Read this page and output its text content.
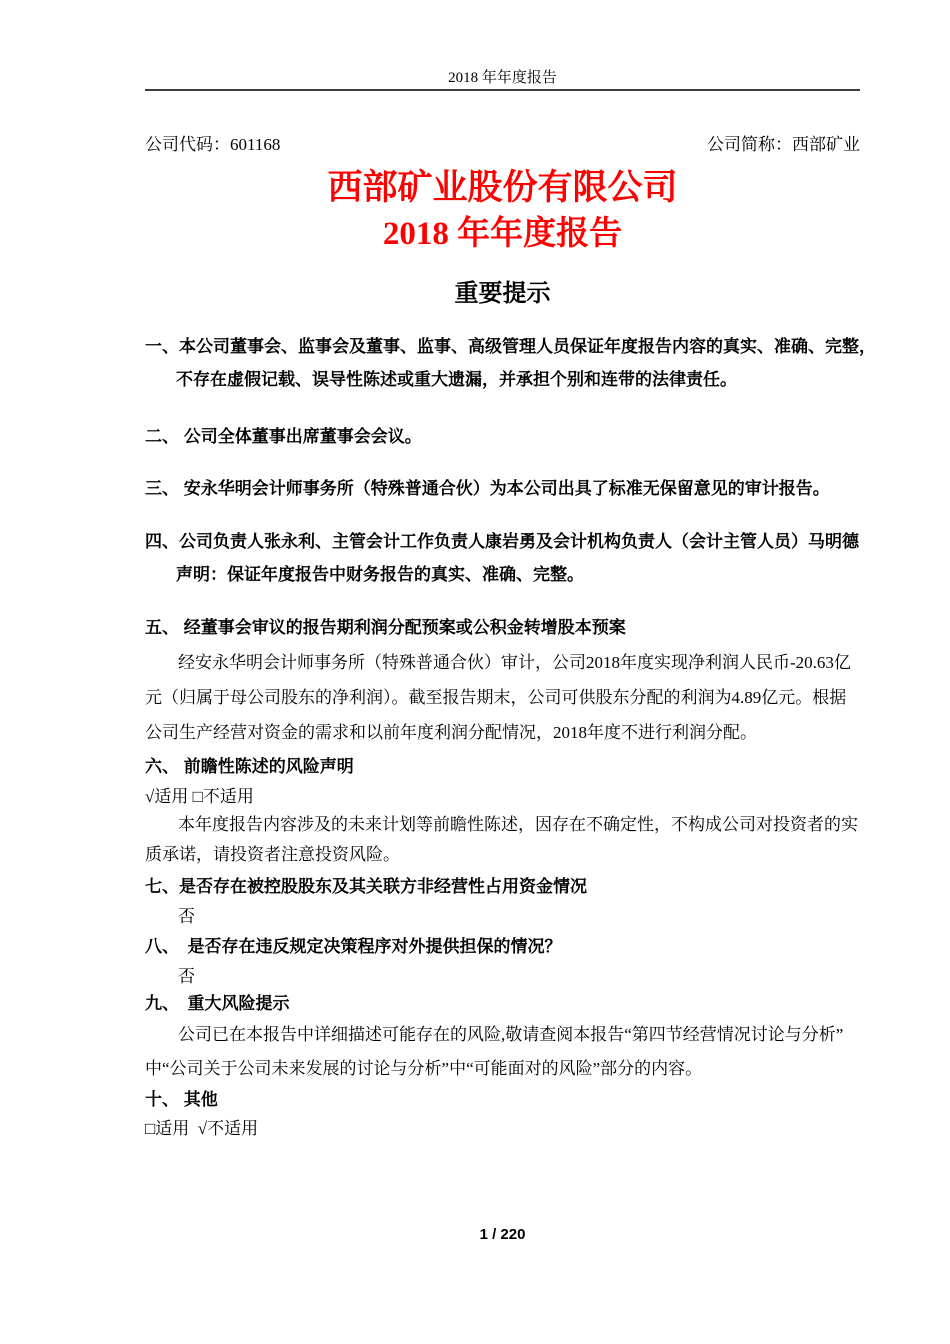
2018 年年度报告
公司代码：601168	公司简称：西部矿业
西部矿业股份有限公司
2018 年年度报告
重要提示
一、本公司董事会、监事会及董事、监事、高级管理人员保证年度报告内容的真实、准确、完整，
不存在虚假记载、误导性陈述或重大遗漏，并承担个别和连带的法律责任。
二、 公司全体董事出席董事会会议。
三、 安永华明会计师事务所（特殊普通合伙）为本公司出具了标准无保留意见的审计报告。
四、公司负责人张永利、主管会计工作负责人康岩勇及会计机构负责人（会计主管人员）马明德
声明：保证年度报告中财务报告的真实、准确、完整。
五、 经董事会审议的报告期利润分配预案或公积金转增股本预案
经安永华明会计师事务所（特殊普通合伙）审计，公司2018年度实现净利润人民币-20.63亿
元（归属于母公司股东的净利润）。截至报告期末，公司可供股东分配的利润为4.89亿元。根据
公司生产经营对资金的需求和以前年度利润分配情况，2018年度不进行利润分配。
六、 前瞻性陈述的风险声明
√适用 □不适用
本年度报告内容涉及的未来计划等前瞻性陈述，因存在不确定性，不构成公司对投资者的实
质承诺，请投资者注意投资风险。
七、是否存在被控股股东及其关联方非经营性占用资金情况
否
八、　是否存在违反规定决策程序对外提供担保的情况？
否
九、　重大风险提示
公司已在本报告中详细描述可能存在的风险,敬请查阅本报告“第四节经营情况讨论与分析”
中“公司关于公司未来发展的讨论与分析”中“可能面对的风险”部分的内容。
十、 其他
□适用  √不适用
1 / 220
